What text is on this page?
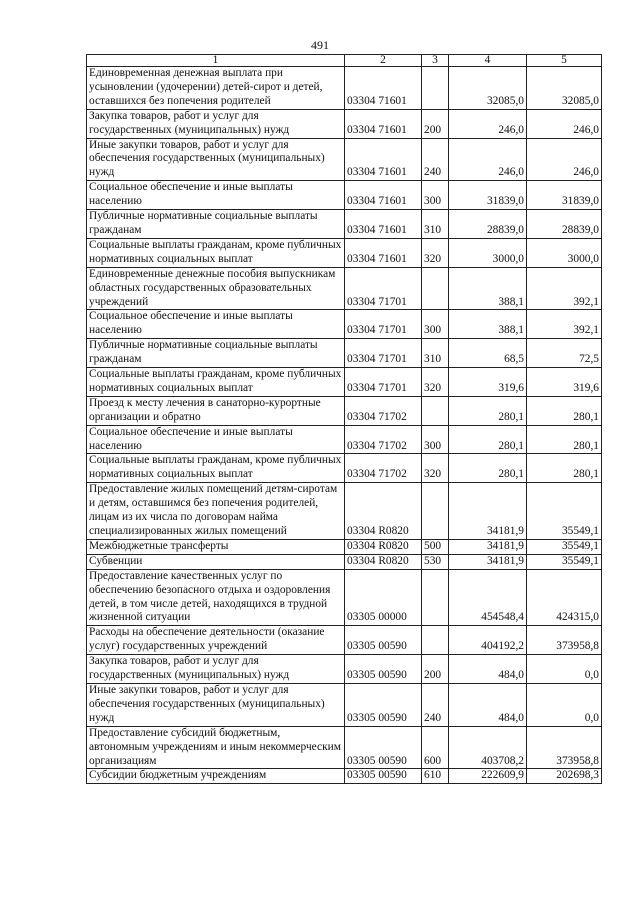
491
1	2	3	4	5
Единовременная денежная выплата при усыновлении (удочерении) детей-сирот и детей, оставшихся без попечения родителей	03304 71601		32085,0	32085,0
Закупка товаров, работ и услуг для государственных (муниципальных) нужд	03304 71601	200	246,0	246,0
Иные закупки товаров, работ и услуг для обеспечения государственных (муниципальных) нужд	03304 71601	240	246,0	246,0
Социальное обеспечение и иные выплаты населению	03304 71601	300	31839,0	31839,0
Публичные нормативные социальные выплаты гражданам	03304 71601	310	28839,0	28839,0
Социальные выплаты гражданам, кроме публичных нормативных социальных выплат	03304 71601	320	3000,0	3000,0
Единовременные денежные пособия выпускникам областных государственных образовательных учреждений	03304 71701		388,1	392,1
Социальное обеспечение и иные выплаты населению	03304 71701	300	388,1	392,1
Публичные нормативные социальные выплаты гражданам	03304 71701	310	68,5	72,5
Социальные выплаты гражданам, кроме публичных нормативных социальных выплат	03304 71701	320	319,6	319,6
Проезд к месту лечения в санаторно-курортные организации и обратно	03304 71702		280,1	280,1
Социальное обеспечение и иные выплаты населению	03304 71702	300	280,1	280,1
Социальные выплаты гражданам, кроме публичных нормативных социальных выплат	03304 71702	320	280,1	280,1
Предоставление жилых помещений детям-сиротам и детям, оставшимся без попечения родителей, лицам из их числа по договорам найма специализированных жилых помещений	03304 R0820		34181,9	35549,1
Межбюджетные трансферты	03304 R0820	500	34181,9	35549,1
Субвенции	03304 R0820	530	34181,9	35549,1
Предоставление качественных услуг по обеспечению безопасного отдыха и оздоровления детей, в том числе детей, находящихся в трудной жизненной ситуации	03305 00000		454548,4	424315,0
Расходы на обеспечение деятельности (оказание услуг) государственных учреждений	03305 00590		404192,2	373958,8
Закупка товаров, работ и услуг для государственных (муниципальных) нужд	03305 00590	200	484,0	0,0
Иные закупки товаров, работ и услуг для обеспечения государственных (муниципальных) нужд	03305 00590	240	484,0	0,0
Предоставление субсидий бюджетным, автономным учреждениям и иным некоммерческим организациям	03305 00590	600	403708,2	373958,8
Субсидии бюджетным учреждениям	03305 00590	610	222609,9	202698,3
